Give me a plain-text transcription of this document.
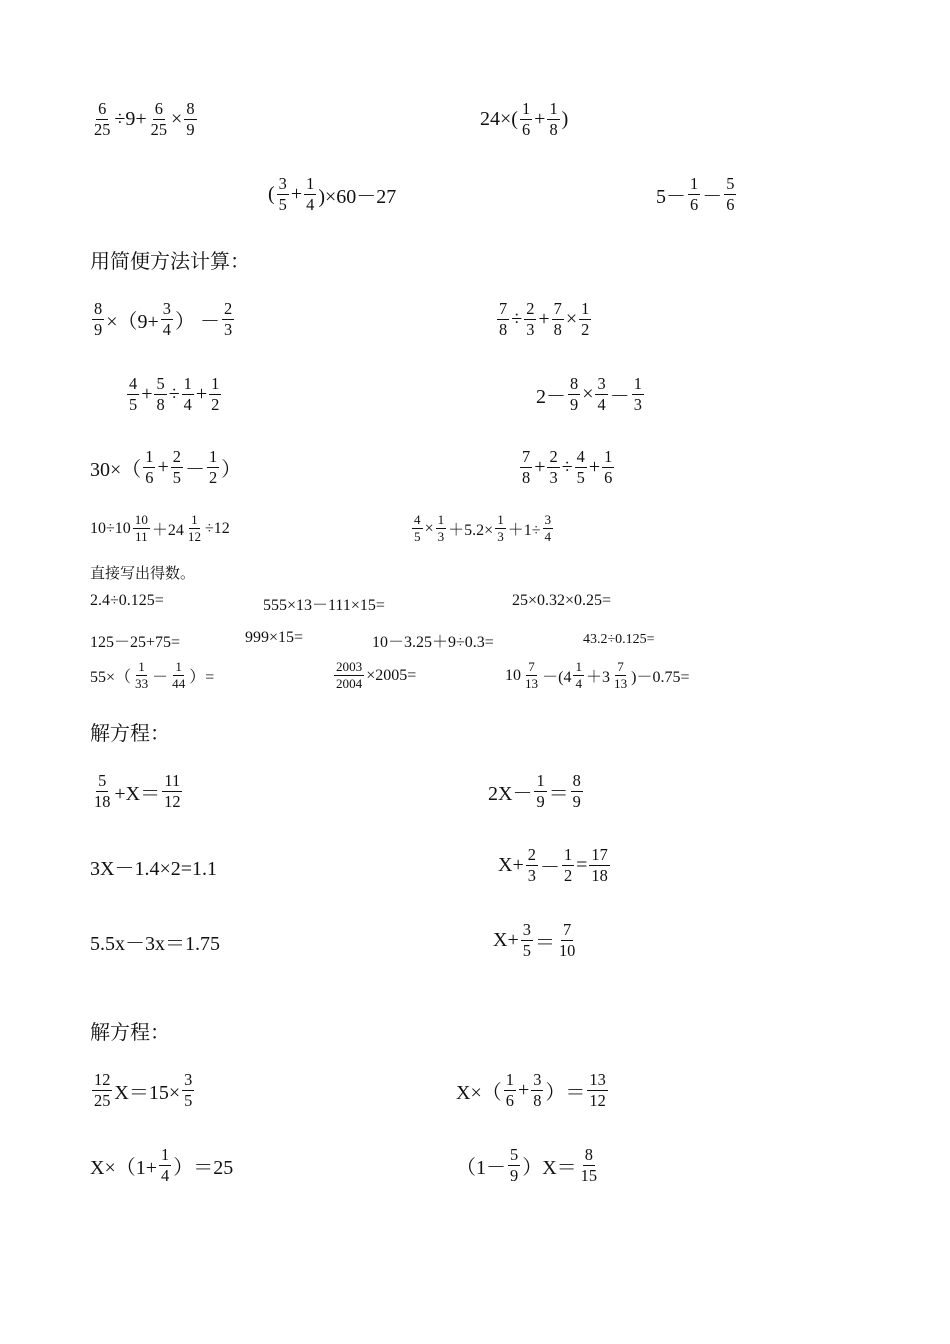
$\frac{6}{25} \div 9+ \frac{6}{25} \times \frac{8}{9}$	$24\times( \frac{1}{6} + \frac{1}{8}$ )
( $\frac{3}{5} + \frac{1}{4} )\times 60-27$	$5- \frac{1}{6} - \frac{5}{6}$
用简便方法计算：
$\frac{8}{9} \times(9+ \frac{3}{4}$ ） － $\frac{2}{3}$	$\frac{7}{8} \div \frac{2}{3} + \frac{7}{8} \times \frac{1}{2}$
$\frac{4}{5} + \frac{5}{8} \div \frac{1}{4} + \frac{1}{2}$	$2- \frac{8}{9} \times \frac{3}{4} - \frac{1}{3}$
$30\times( \frac{1}{6} + \frac{2}{5} - \frac{1}{2}$ ）	$\frac{7}{8} + \frac{2}{3} \div \frac{4}{5} + \frac{1}{6}$
$10\div 10 \frac{10}{11} +24 \frac{1}{12} \div 12$	$\frac{4}{5} \times \frac{1}{3} +5.2\times \frac{1}{3} +1\div \frac{3}{4}$
直接写出得数。
2.4÷0.125=	555×13－111×15=	25×0.32×0.25=
125－25+75=	999×15=	10－3.25＋9÷0.3=	43.2÷0.125=
$55\times( \frac{1}{33} - \frac{1}{44}$ ）=	$\frac{2003}{2004} \times 2005=$	$10 \frac{7}{13} -(4 \frac{1}{4} +3 \frac{7}{13} )-0.75=$
解方程：
$\frac{5}{18} +X= \frac{11}{12}$	$2X- \frac{1}{9} = \frac{8}{9}$
3X－1.4×2=1.1	$X+ \frac{2}{3} - \frac{1}{2} = \frac{17}{18}$
5.5x－3x＝1.75	$X+ \frac{3}{5} = \frac{7}{10}$
解方程：
$\frac{12}{25} X=15\times \frac{3}{5}$	$X\times( \frac{1}{6} + \frac{3}{8}$ ）＝ $\frac{13}{12}$
$X\times(1+ \frac{1}{4} )=25$	$(1- \frac{5}{9} )X= \frac{8}{15}$
